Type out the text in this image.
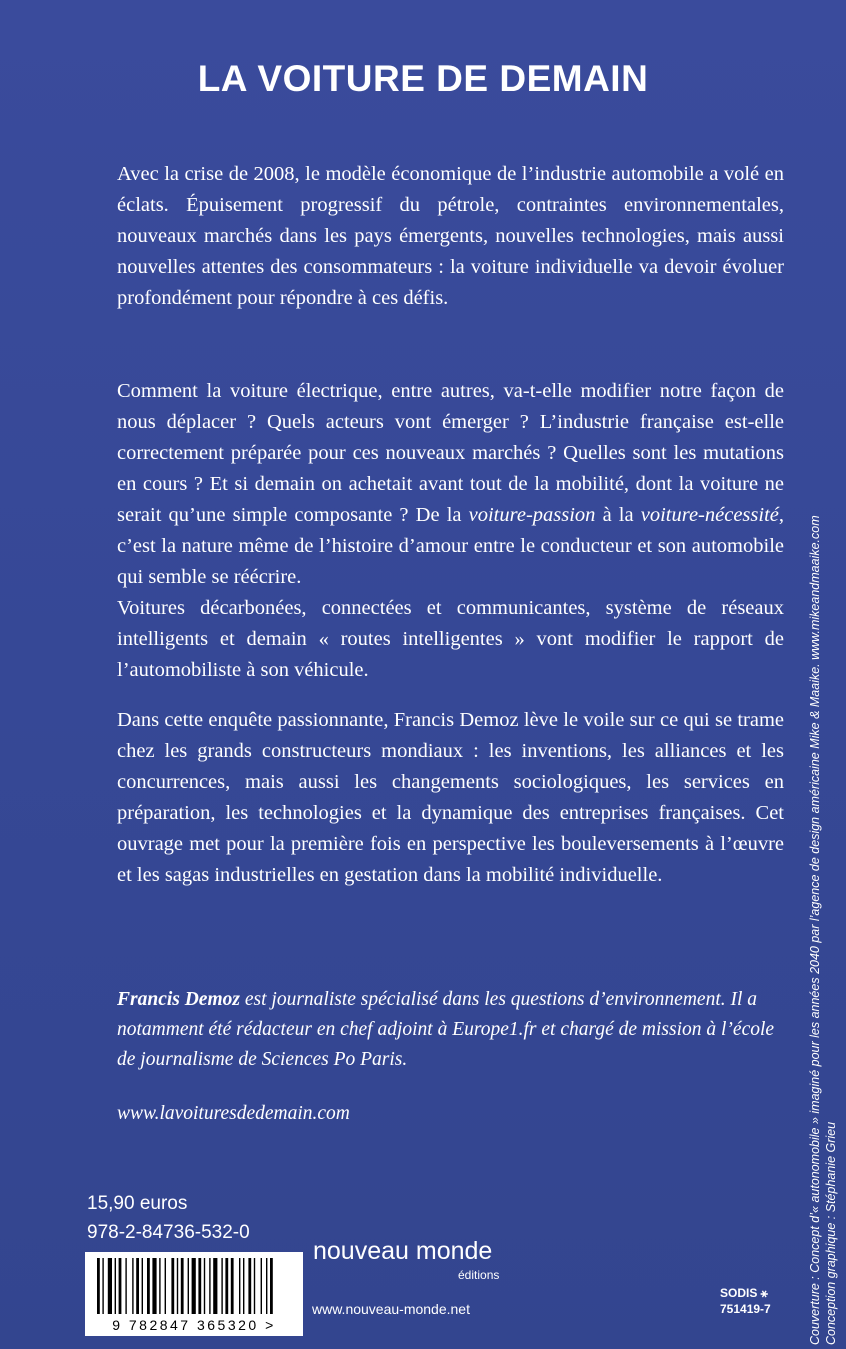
LA VOITURE DE DEMAIN

Avec la crise de 2008, le modèle économique de l’industrie automobile a volé en éclats. Épuisement progressif du pétrole, contraintes environnementales, nouveaux marchés dans les pays émergents, nouvelles technologies, mais aussi nouvelles attentes des consommateurs : la voiture individuelle va devoir évoluer profondément pour répondre à ces défis.

Comment la voiture électrique, entre autres, va-t-elle modifier notre façon de nous déplacer ? Quels acteurs vont émerger ? L’industrie française est-elle correctement préparée pour ces nouveaux marchés ? Quelles sont les mutations en cours ? Et si demain on achetait avant tout de la mobilité, dont la voiture ne serait qu’une simple composante ? De la voiture-passion à la voiture-nécessité, c’est la nature même de l’histoire d’amour entre le conducteur et son automobile qui semble se réécrire.

Voitures décarbonées, connectées et communicantes, système de réseaux intelligents et demain « routes intelligentes » vont modifier le rapport de l’automobiliste à son véhicule.

Dans cette enquête passionnante, Francis Demoz lève le voile sur ce qui se trame chez les grands constructeurs mondiaux : les inventions, les alliances et les concurrences, mais aussi les changements sociologiques, les services en préparation, les technologies et la dynamique des entreprises françaises. Cet ouvrage met pour la première fois en perspective les bouleversements à l’œuvre et les sagas industrielles en gestation dans la mobilité individuelle.

Francis Demoz est journaliste spécialisé dans les questions d’environnement. Il a notamment été rédacteur en chef adjoint à Europe1.fr et chargé de mission à l’école de journalisme de Sciences Po Paris.

www.lavoituresdedemain.com

15,90 euros
978-2-84736-532-0
9 782847 365320 >
nouveau monde
éditions
www.nouveau-monde.net
SODIS ⚹
751419-7	Couverture : Concept d’« autonomobile » imaginé pour les années 2040 par l’agence de design américaine Mike & Maaike. www.mikeandmaaike.com Conception graphique : Stéphanie Grieu
